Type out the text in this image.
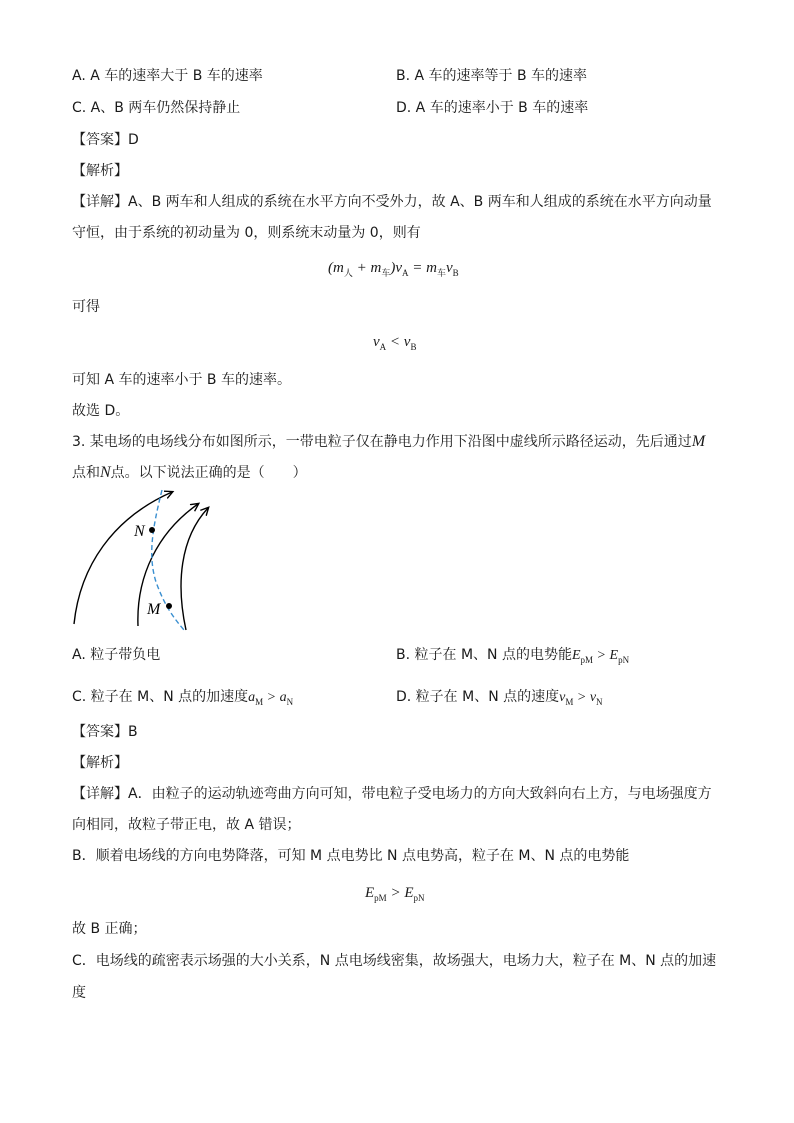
A. A 车的速率大于 B 车的速率	B. A 车的速率等于 B 车的速率
C. A、B 两车仍然保持静止	D. A 车的速率小于 B 车的速率
【答案】D
【解析】
【详解】A、B 两车和人组成的系统在水平方向不受外力，故 A、B 两车和人组成的系统在水平方向动量
守恒，由于系统的初动量为 0，则系统末动量为 0，则有
$(m_人 + m_车)v_A = m_车v_B$
可得
$v_A < v_B$
可知 A 车的速率小于 B 车的速率。
故选 D。
3. 某电场的电场线分布如图所示，一带电粒子仅在静电力作用下沿图中虚线所示路径运动，先后通过M
点和N点。以下说法正确的是（　　）
N
M
A. 粒子带负电	B. 粒子在 M、N 点的电势能$E_{pM} > E_{pN}$
C. 粒子在 M、N 点的加速度$a_M > a_N$	D. 粒子在 M、N 点的速度$v_M > v_N$
【答案】B
【解析】
【详解】A．由粒子的运动轨迹弯曲方向可知，带电粒子受电场力的方向大致斜向右上方，与电场强度方
向相同，故粒子带正电，故 A 错误；
B．顺着电场线的方向电势降落，可知 M 点电势比 N 点电势高，粒子在 M、N 点的电势能
$E_{pM} > E_{pN}$
故 B 正确；
C．电场线的疏密表示场强的大小关系，N 点电场线密集，故场强大，电场力大，粒子在 M、N 点的加速
度
